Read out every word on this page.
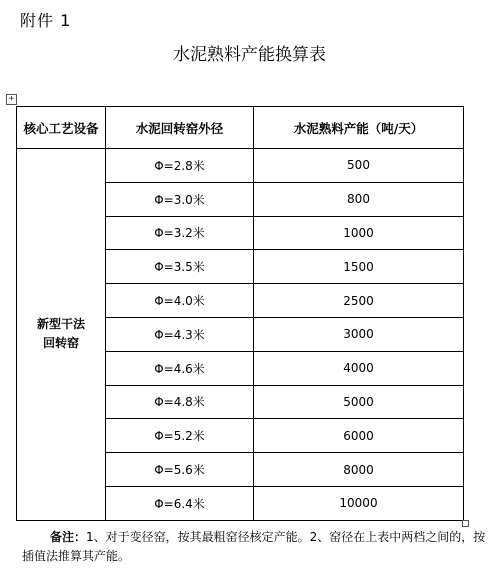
附件 1
水泥熟料产能换算表
+
核心工艺设备	水泥回转窑外径	水泥熟料产能（吨/天）

新型干法
回转窑	Φ=2.8米	500
	Φ=3.0米	800
	Φ=3.2米	1000
	Φ=3.5米	1500
	Φ=4.0米	2500
	Φ=4.3米	3000
	Φ=4.6米	4000
	Φ=4.8米	5000
	Φ=5.2米	6000
	Φ=5.6米	8000
	Φ=6.4米	10000
备注：1、对于变径窑，按其最粗窑径核定产能。2、窑径在上表中两档之间的，按
插值法推算其产能。
